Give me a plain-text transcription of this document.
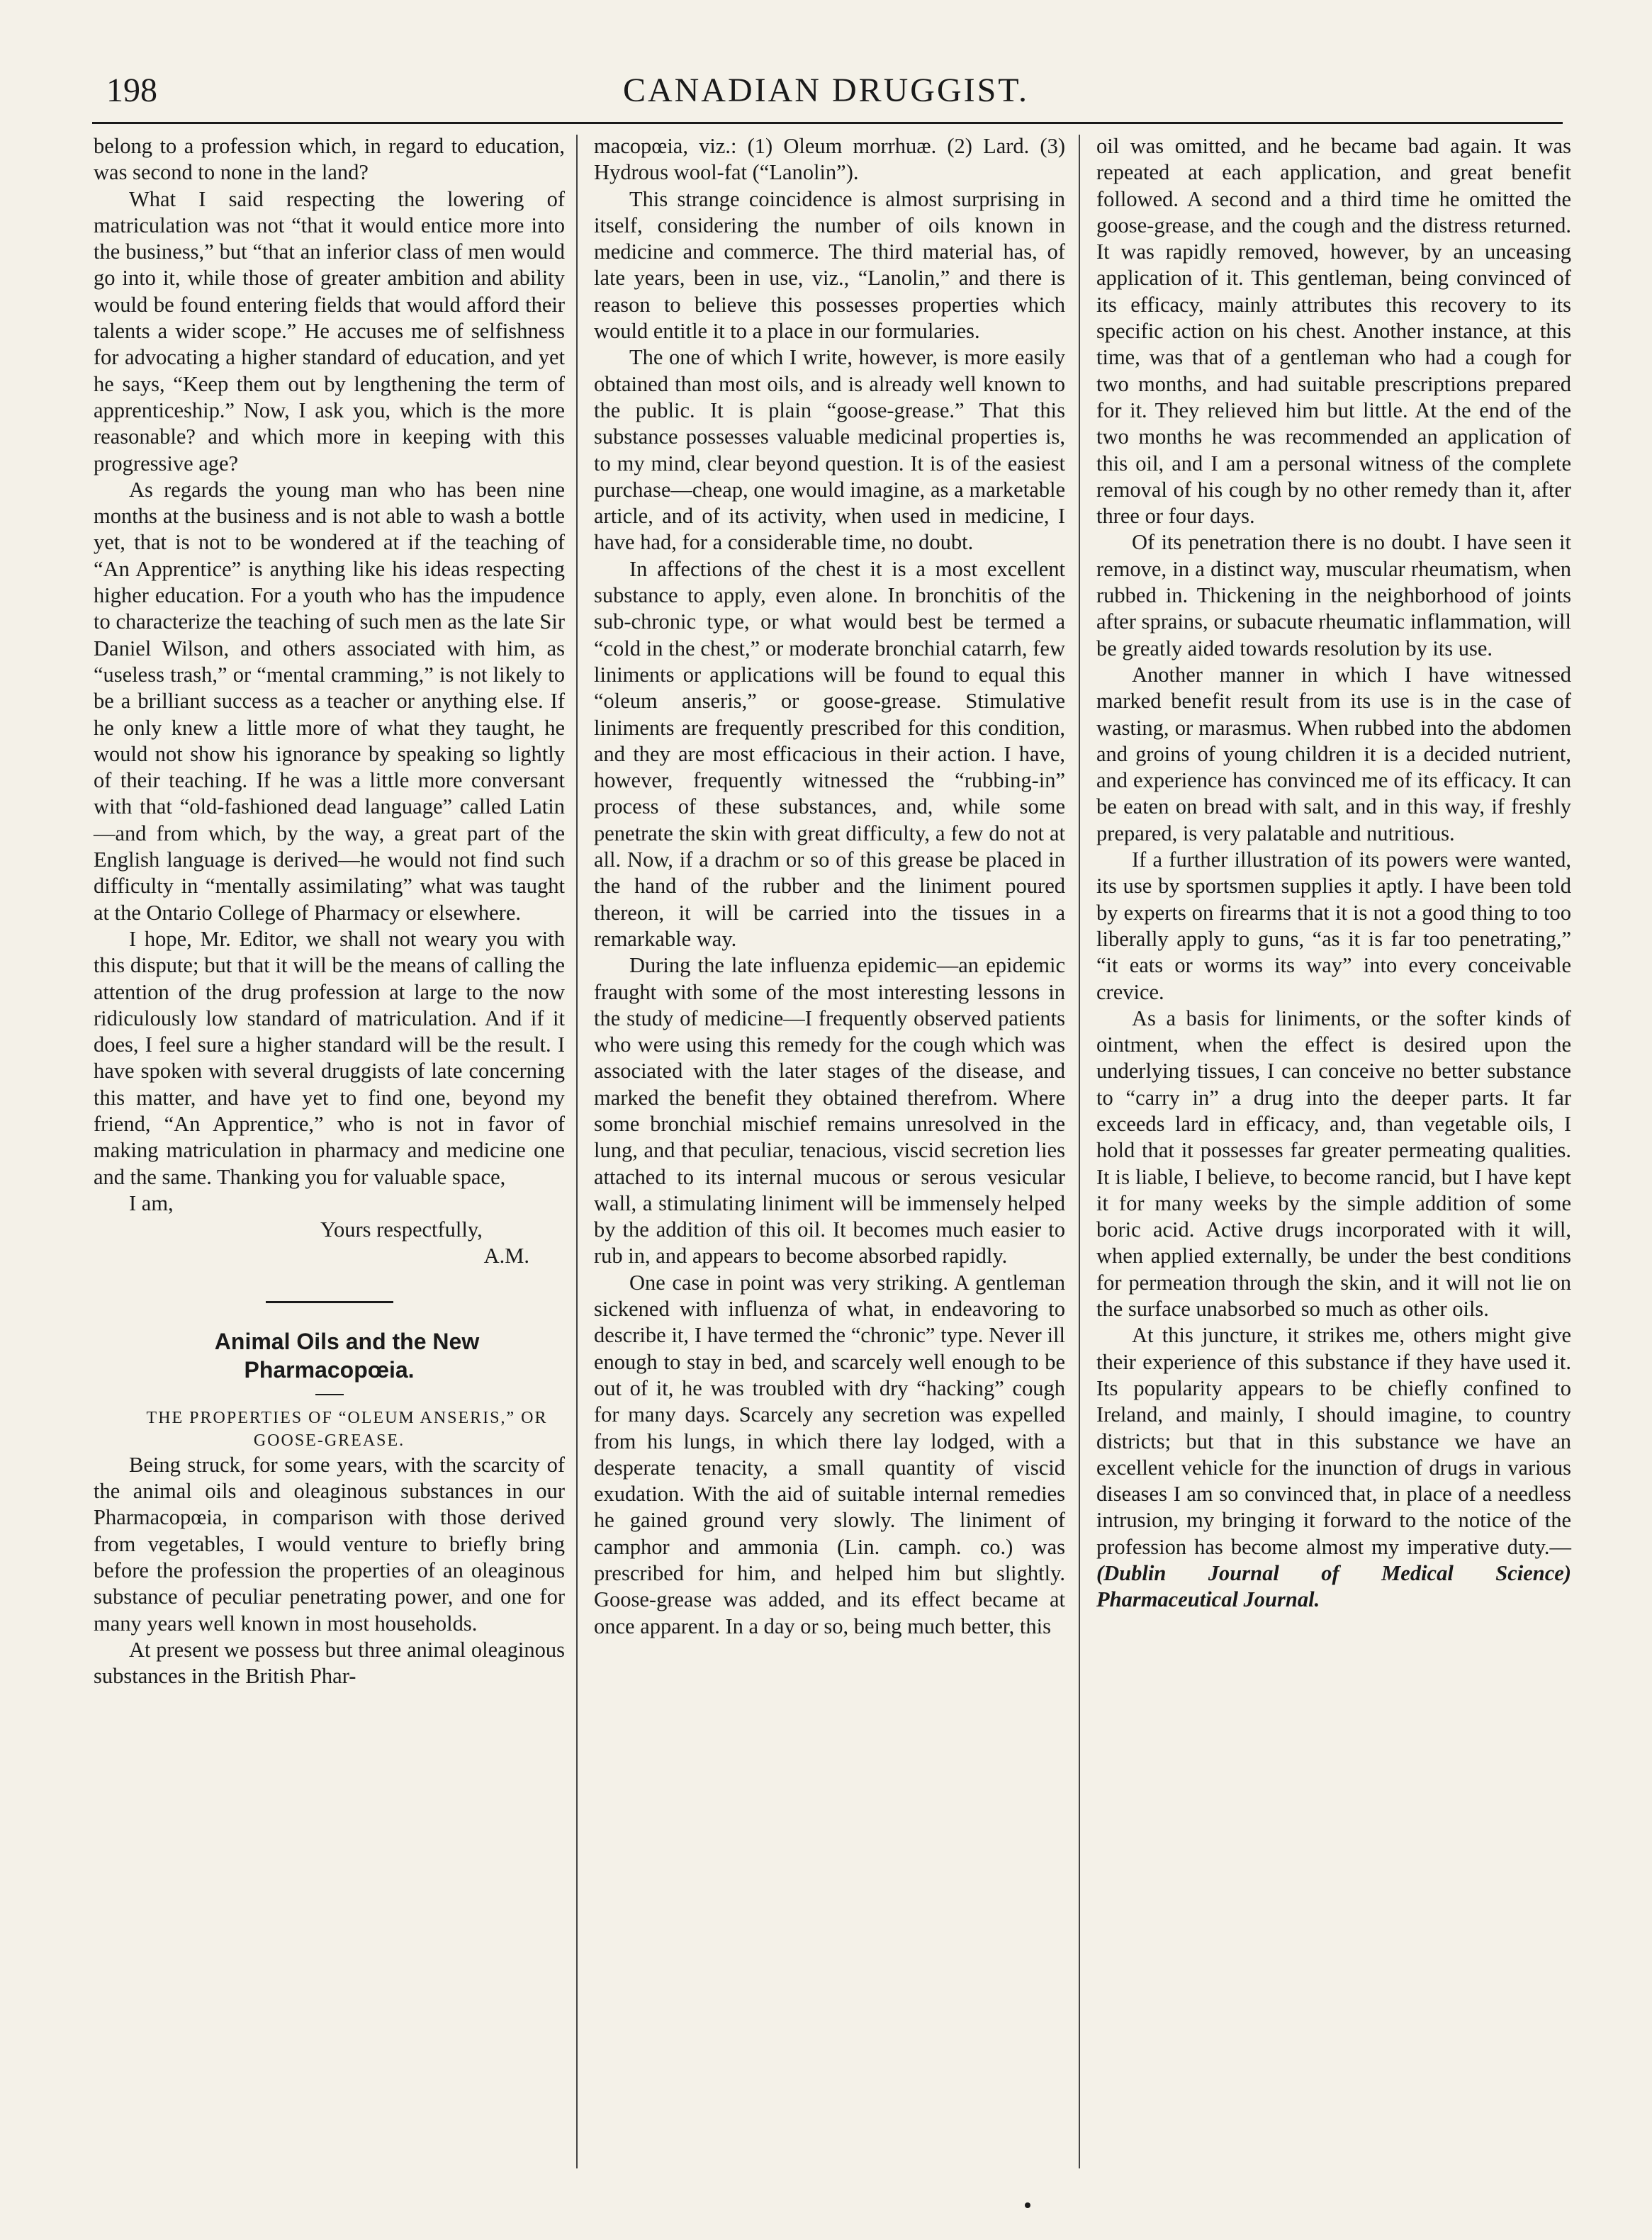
198	CANADIAN DRUGGIST.

belong to a profession which, in regard to education, was second to none in the land?

What I said respecting the lowering of matriculation was not “that it would entice more into the business,” but “that an inferior class of men would go into it, while those of greater ambition and ability would be found entering fields that would afford their talents a wider scope.” He accuses me of selfishness for advocating a higher standard of education, and yet he says, “Keep them out by lengthening the term of apprenticeship.” Now, I ask you, which is the more reasonable? and which more in keeping with this progressive age?

As regards the young man who has been nine months at the business and is not able to wash a bottle yet, that is not to be wondered at if the teaching of “An Apprentice” is anything like his ideas respecting higher education. For a youth who has the impudence to characterize the teaching of such men as the late Sir Daniel Wilson, and others associated with him, as “useless trash,” or “mental cramming,” is not likely to be a brilliant success as a teacher or anything else. If he only knew a little more of what they taught, he would not show his ignorance by speaking so lightly of their teaching. If he was a little more conversant with that “old-fashioned dead language” called Latin—and from which, by the way, a great part of the English language is derived—he would not find such difficulty in “mentally assimilating” what was taught at the Ontario College of Pharmacy or elsewhere.

I hope, Mr. Editor, we shall not weary you with this dispute; but that it will be the means of calling the attention of the drug profession at large to the now ridiculously low standard of matriculation. And if it does, I feel sure a higher standard will be the result. I have spoken with several druggists of late concerning this matter, and have yet to find one, beyond my friend, “An Apprentice,” who is not in favor of making matriculation in pharmacy and medicine one and the same. Thanking you for valuable space,

I am,

Yours respectfully,

A.M.

Animal Oils and the New Pharmacopœia.

THE PROPERTIES OF “OLEUM ANSERIS,” OR GOOSE-GREASE.

Being struck, for some years, with the scarcity of the animal oils and oleaginous substances in our Pharmacopœia, in comparison with those derived from vegetables, I would venture to briefly bring before the profession the properties of an oleaginous substance of peculiar penetrating power, and one for many years well known in most households.

At present we possess but three animal oleaginous substances in the British Phar-

macopœia, viz.: (1) Oleum morrhuæ. (2) Lard. (3) Hydrous wool-fat (“Lanolin”).

This strange coincidence is almost surprising in itself, considering the number of oils known in medicine and commerce. The third material has, of late years, been in use, viz., “Lanolin,” and there is reason to believe this possesses properties which would entitle it to a place in our formularies.

The one of which I write, however, is more easily obtained than most oils, and is already well known to the public. It is plain “goose-grease.” That this substance possesses valuable medicinal properties is, to my mind, clear beyond question. It is of the easiest purchase—cheap, one would imagine, as a marketable article, and of its activity, when used in medicine, I have had, for a considerable time, no doubt.

In affections of the chest it is a most excellent substance to apply, even alone. In bronchitis of the sub-chronic type, or what would best be termed a “cold in the chest,” or moderate bronchial catarrh, few liniments or applications will be found to equal this “oleum anseris,” or goose-grease. Stimulative liniments are frequently prescribed for this condition, and they are most efficacious in their action. I have, however, frequently witnessed the “rubbing-in” process of these substances, and, while some penetrate the skin with great difficulty, a few do not at all. Now, if a drachm or so of this grease be placed in the hand of the rubber and the liniment poured thereon, it will be carried into the tissues in a remarkable way.

During the late influenza epidemic—an epidemic fraught with some of the most interesting lessons in the study of medicine—I frequently observed patients who were using this remedy for the cough which was associated with the later stages of the disease, and marked the benefit they obtained therefrom. Where some bronchial mischief remains unresolved in the lung, and that peculiar, tenacious, viscid secretion lies attached to its internal mucous or serous vesicular wall, a stimulating liniment will be immensely helped by the addition of this oil. It becomes much easier to rub in, and appears to become absorbed rapidly.

One case in point was very striking. A gentleman sickened with influenza of what, in endeavoring to describe it, I have termed the “chronic” type. Never ill enough to stay in bed, and scarcely well enough to be out of it, he was troubled with dry “hacking” cough for many days. Scarcely any secretion was expelled from his lungs, in which there lay lodged, with a desperate tenacity, a small quantity of viscid exudation. With the aid of suitable internal remedies he gained ground very slowly. The liniment of camphor and ammonia (Lin. camph. co.) was prescribed for him, and helped him but slightly. Goose-grease was added, and its effect became at once apparent. In a day or so, being much better, this

oil was omitted, and he became bad again. It was repeated at each application, and great benefit followed. A second and a third time he omitted the goose-grease, and the cough and the distress returned. It was rapidly removed, however, by an unceasing application of it. This gentleman, being convinced of its efficacy, mainly attributes this recovery to its specific action on his chest. Another instance, at this time, was that of a gentleman who had a cough for two months, and had suitable prescriptions prepared for it. They relieved him but little. At the end of the two months he was recommended an application of this oil, and I am a personal witness of the complete removal of his cough by no other remedy than it, after three or four days.

Of its penetration there is no doubt. I have seen it remove, in a distinct way, muscular rheumatism, when rubbed in. Thickening in the neighborhood of joints after sprains, or subacute rheumatic inflammation, will be greatly aided towards resolution by its use.

Another manner in which I have witnessed marked benefit result from its use is in the case of wasting, or marasmus. When rubbed into the abdomen and groins of young children it is a decided nutrient, and experience has convinced me of its efficacy. It can be eaten on bread with salt, and in this way, if freshly prepared, is very palatable and nutritious.

If a further illustration of its powers were wanted, its use by sportsmen supplies it aptly. I have been told by experts on firearms that it is not a good thing to too liberally apply to guns, “as it is far too penetrating,” “it eats or worms its way” into every conceivable crevice.

As a basis for liniments, or the softer kinds of ointment, when the effect is desired upon the underlying tissues, I can conceive no better substance to “carry in” a drug into the deeper parts. It far exceeds lard in efficacy, and, than vegetable oils, I hold that it possesses far greater permeating qualities. It is liable, I believe, to become rancid, but I have kept it for many weeks by the simple addition of some boric acid. Active drugs incorporated with it will, when applied externally, be under the best conditions for permeation through the skin, and it will not lie on the surface unabsorbed so much as other oils.

At this juncture, it strikes me, others might give their experience of this substance if they have used it. Its popularity appears to be chiefly confined to Ireland, and mainly, I should imagine, to country districts; but that in this substance we have an excellent vehicle for the inunction of drugs in various diseases I am so convinced that, in place of a needless intrusion, my bringing it forward to the notice of the profession has become almost my imperative duty.—(Dublin Journal of Medical Science) Pharmaceutical Journal.
